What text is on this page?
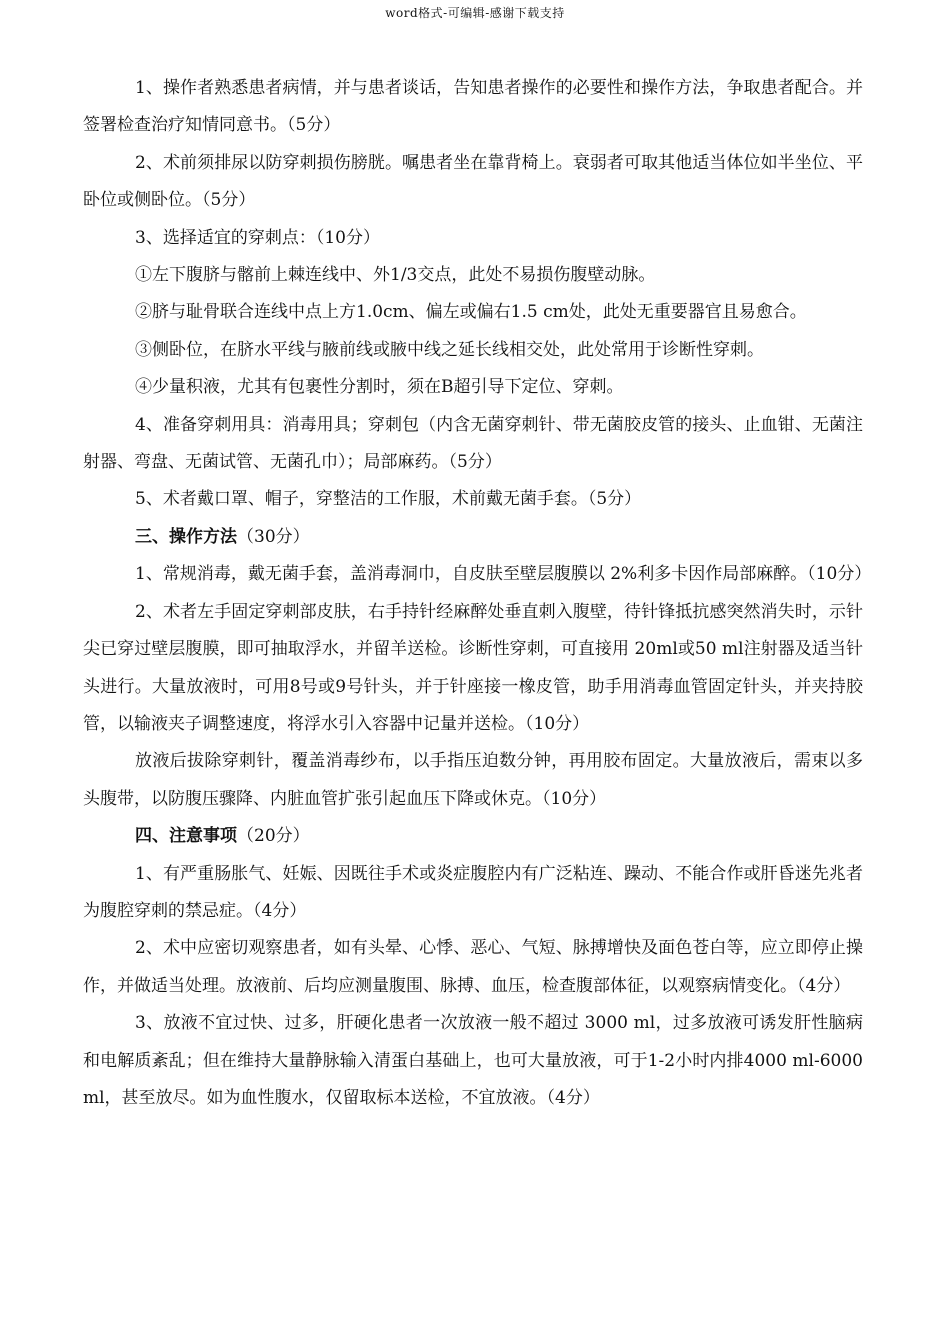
word格式-可编辑-感谢下载支持

1、操作者熟悉患者病情，并与患者谈话，告知患者操作的必要性和操作方法，争取患者配合。并签署检查治疗知情同意书。（5分）

2、术前须排尿以防穿刺损伤膀胱。嘱患者坐在靠背椅上。衰弱者可取其他适当体位如半坐位、平卧位或侧卧位。（5分）

3、选择适宜的穿刺点：（10分）

①左下腹脐与髂前上棘连线中、外1/3交点，此处不易损伤腹壁动脉。

②脐与耻骨联合连线中点上方1.0cm、偏左或偏右1.5 cm处，此处无重要器官且易愈合。

③侧卧位，在脐水平线与腋前线或腋中线之延长线相交处，此处常用于诊断性穿刺。

④少量积液，尤其有包裹性分割时，须在B超引导下定位、穿刺。

4、准备穿刺用具：消毒用具；穿刺包（内含无菌穿刺针、带无菌胶皮管的接头、止血钳、无菌注射器、弯盘、无菌试管、无菌孔巾）；局部麻药。（5分）

5、术者戴口罩、帽子，穿整洁的工作服，术前戴无菌手套。（5分）

三、操作方法（30分）

1、常规消毒，戴无菌手套，盖消毒洞巾，自皮肤至壁层腹膜以 2%利多卡因作局部麻醉。（10分）

2、术者左手固定穿刺部皮肤，右手持针经麻醉处垂直刺入腹壁，待针锋抵抗感突然消失时，示针尖已穿过壁层腹膜，即可抽取浮水，并留羊送检。诊断性穿刺，可直接用 20ml或50 ml注射器及适当针头进行。大量放液时，可用8号或9号针头，并于针座接一橡皮管，助手用消毒血管固定针头，并夹持胶管，以输液夹子调整速度，将浮水引入容器中记量并送检。（10分）

放液后拔除穿刺针，覆盖消毒纱布，以手指压迫数分钟，再用胶布固定。大量放液后，需束以多头腹带，以防腹压骤降、内脏血管扩张引起血压下降或休克。（10分）

四、注意事项（20分）

1、有严重肠胀气、妊娠、因既往手术或炎症腹腔内有广泛粘连、躁动、不能合作或肝昏迷先兆者为腹腔穿刺的禁忌症。（4分）

2、术中应密切观察患者，如有头晕、心悸、恶心、气短、脉搏增快及面色苍白等，应立即停止操作，并做适当处理。放液前、后均应测量腹围、脉搏、血压，检查腹部体征，以观察病情变化。（4分）

3、放液不宜过快、过多，肝硬化患者一次放液一般不超过 3000 ml，过多放液可诱发肝性脑病和电解质紊乱；但在维持大量静脉输入清蛋白基础上，也可大量放液，可于1-2小时内排4000 ml-6000 ml，甚至放尽。如为血性腹水，仅留取标本送检，不宜放液。（4分）
